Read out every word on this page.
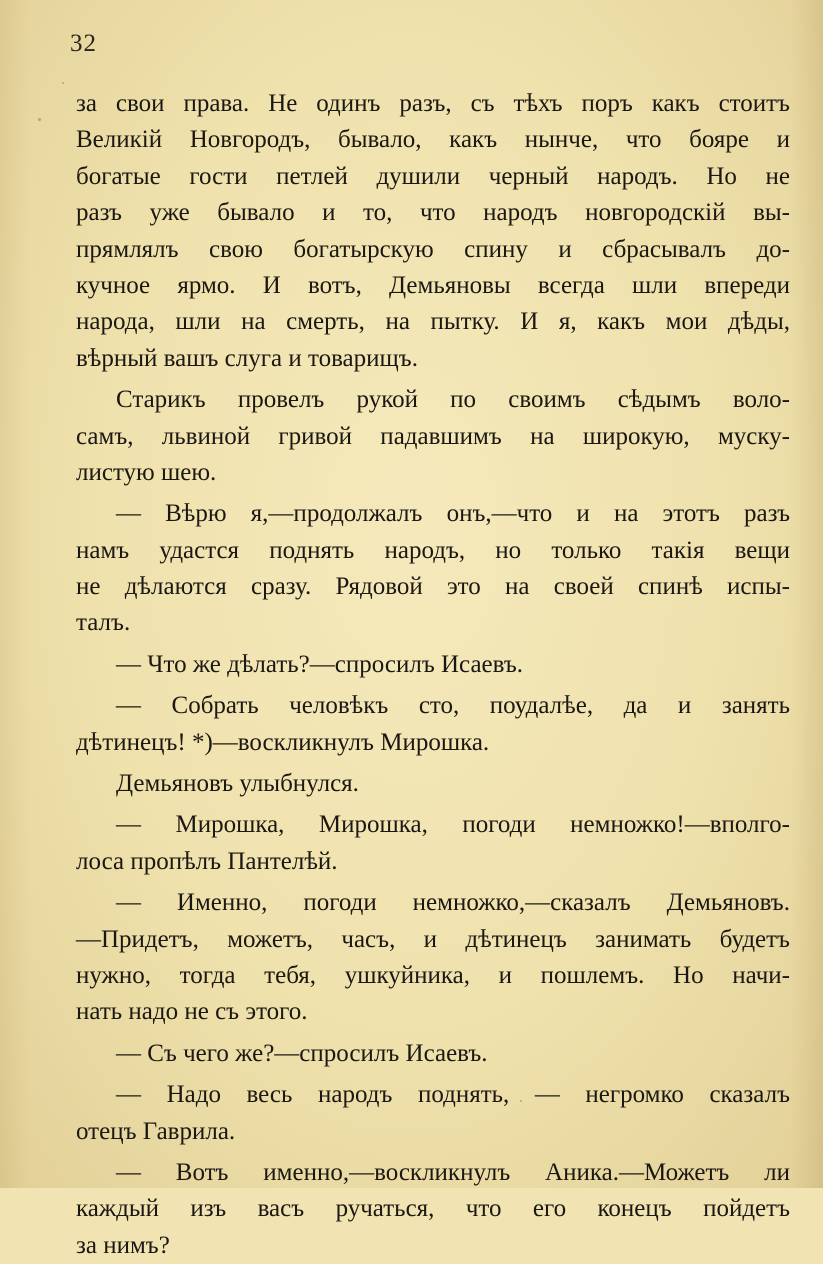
32
за свои права. Не одинъ разъ, съ тѣхъ поръ какъ стоитъ
Великій Новгородъ, бывало, какъ нынче, что бояре и
богатые гости петлей душили черный народъ. Но не
разъ уже бывало и то, что народъ новгородскій вы-
прямлялъ свою богатырскую спину и сбрасывалъ до-
кучное ярмо. И вотъ, Демьяновы всегда шли впереди
народа, шли на смерть, на пытку. И я, какъ мои дѣды,
вѣрный вашъ слуга и товарищъ.
Старикъ провелъ рукой по своимъ сѣдымъ воло-
самъ, львиной гривой падавшимъ на широкую, муску-
листую шею.
— Вѣрю я,—продолжалъ онъ,—что и на этотъ разъ
намъ удастся поднять народъ, но только такія вещи
не дѣлаются сразу. Рядовой это на своей спинѣ испы-
талъ.
— Что же дѣлать?—спросилъ Исаевъ.
— Собрать человѣкъ сто, поудалѣе, да и занять
дѣтинецъ! *)—воскликнулъ Мирошка.
Демьяновъ улыбнулся.
— Мирошка, Мирошка, погоди немножко!—вполго-
лоса пропѣлъ Пантелѣй.
— Именно, погоди немножко,—сказалъ Демьяновъ.
—Придетъ, можетъ, часъ, и дѣтинецъ занимать будетъ
нужно, тогда тебя, ушкуйника, и пошлемъ. Но начи-
нать надо не съ этого.
— Съ чего же?—спросилъ Исаевъ.
— Надо весь народъ поднять, — негромко сказалъ
отецъ Гаврила.
— Вотъ именно,—воскликнулъ Аника.—Можетъ ли
каждый изъ васъ ручаться, что его конецъ пойдетъ
за нимъ?
